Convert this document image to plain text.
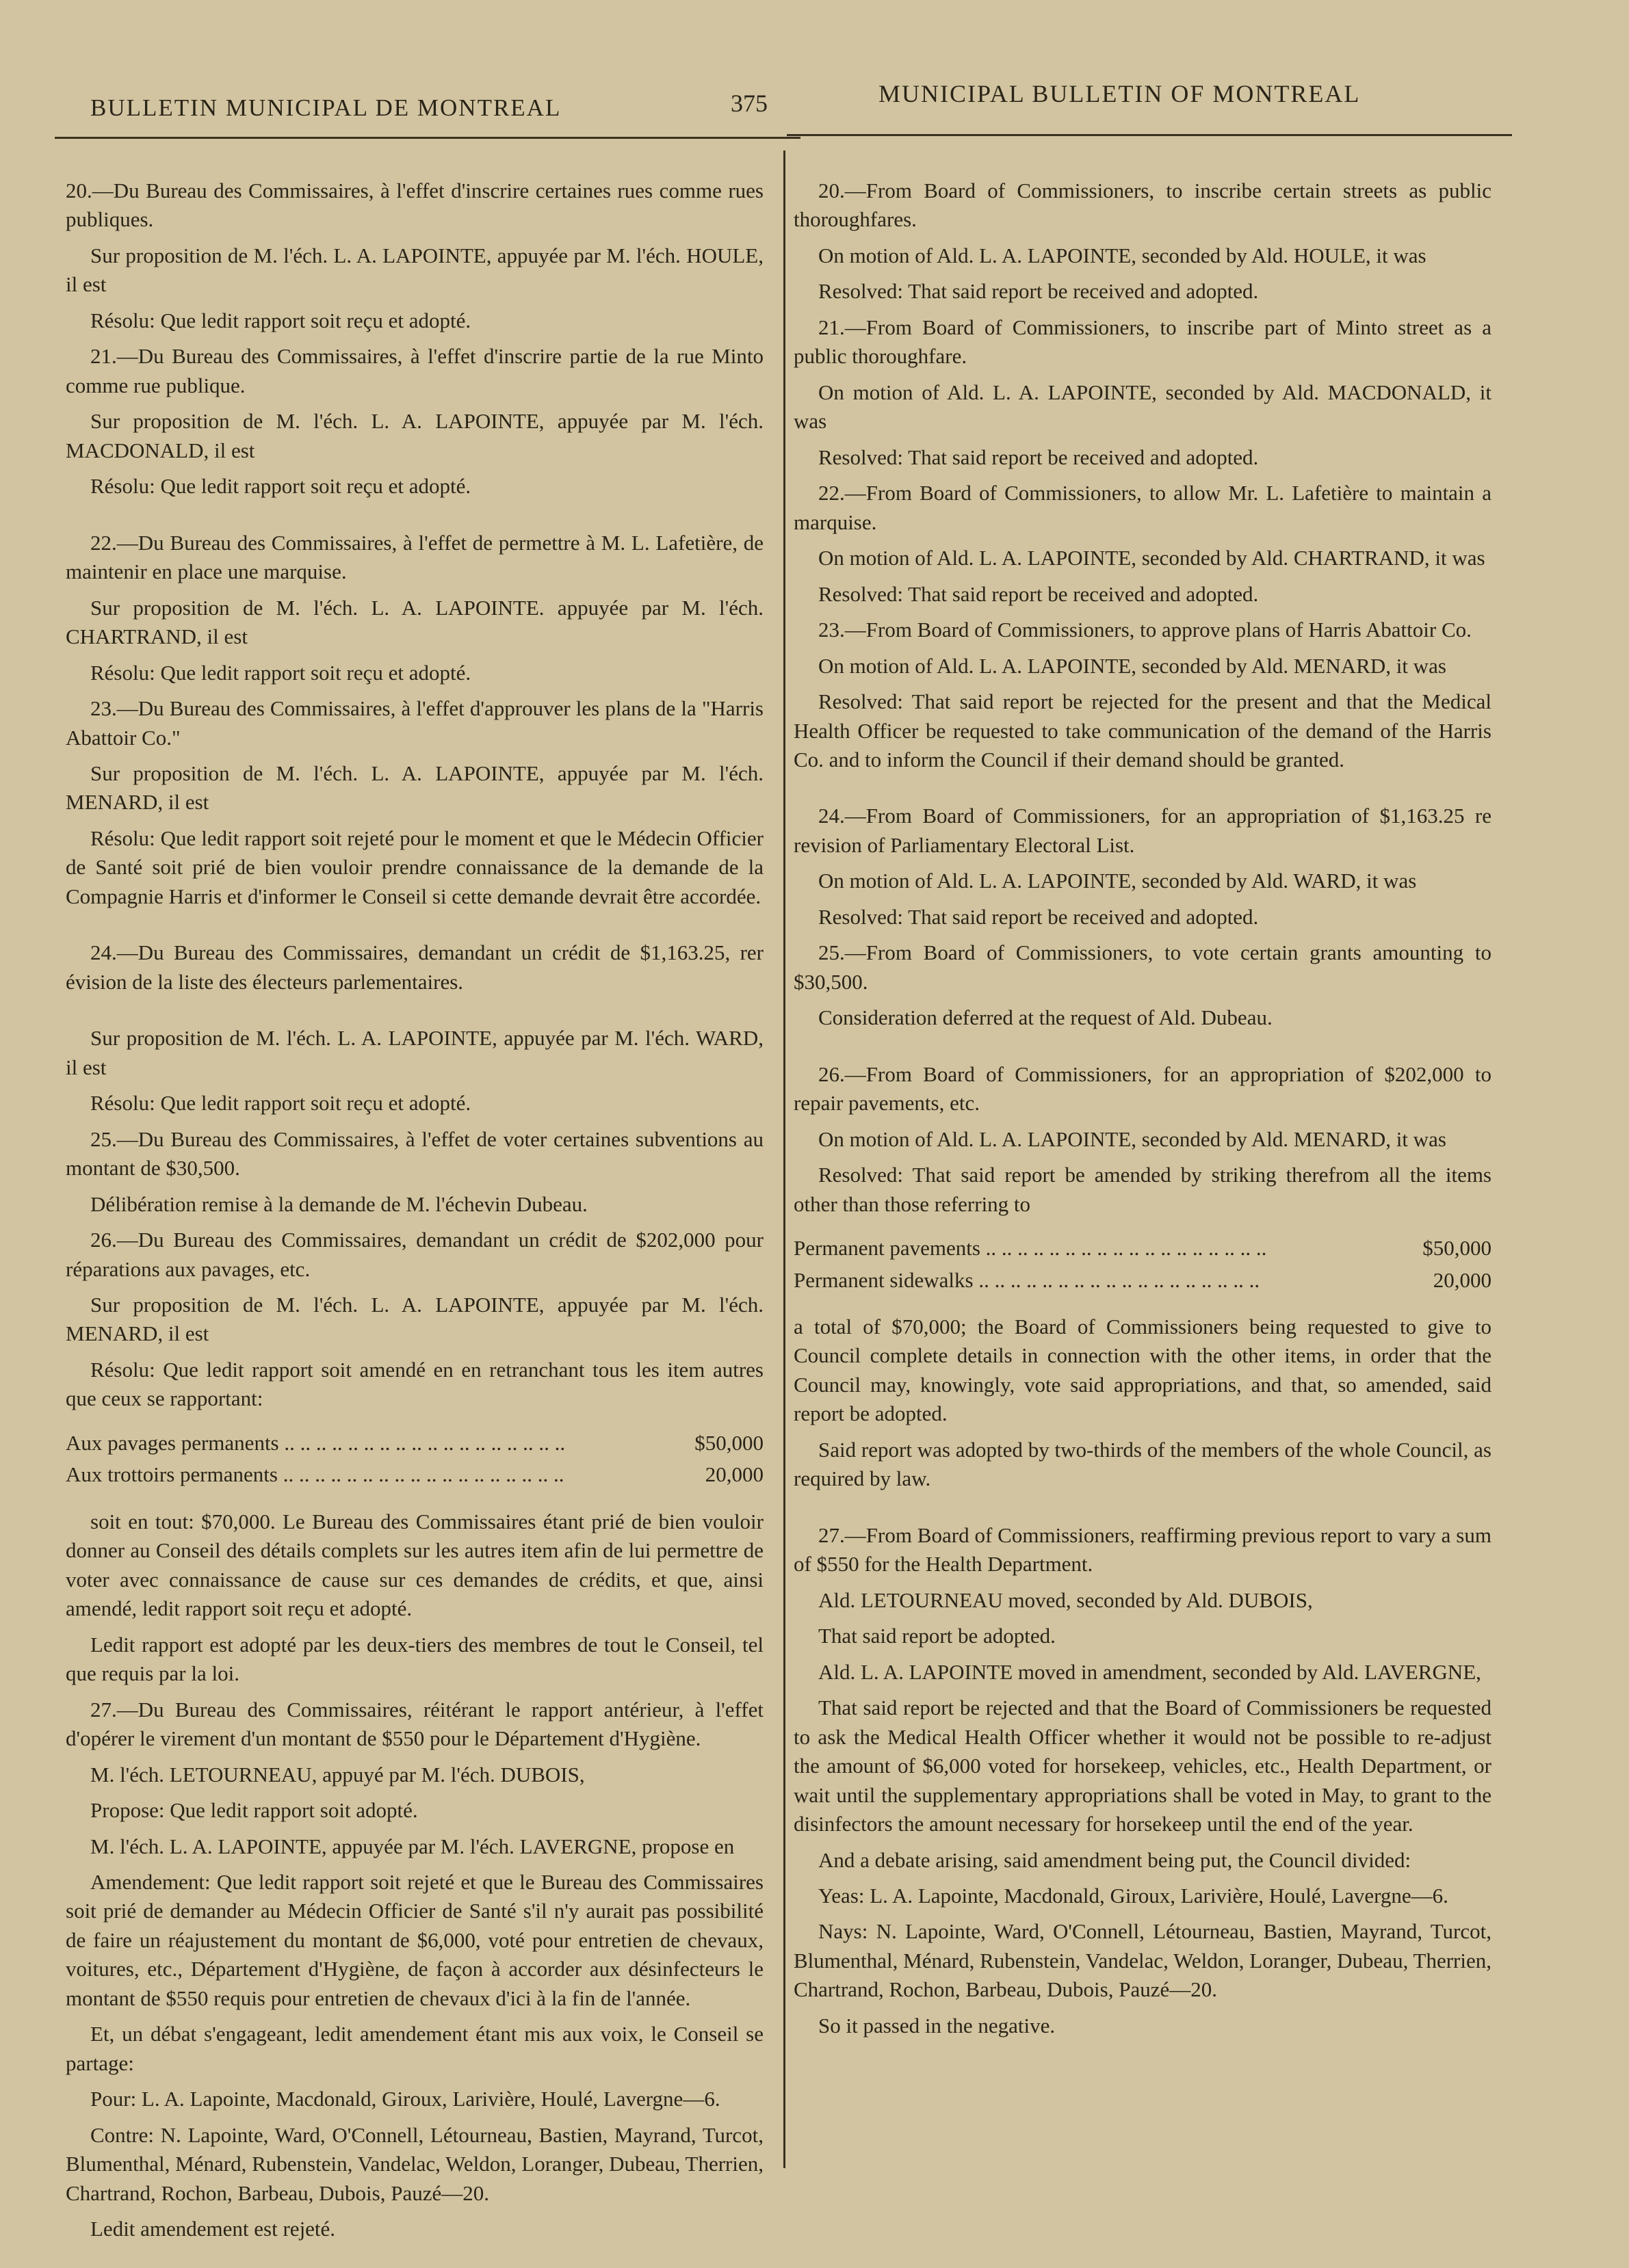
BULLETIN MUNICIPAL DE MONTREAL	375	MUNICIPAL BULLETIN OF MONTREAL

20.—Du Bureau des Commissaires, à l'effet d'inscrire certaines rues comme rues publiques.

Sur proposition de M. l'éch. L. A. LAPOINTE, appuyée par M. l'éch. HOULE, il est

Résolu: Que ledit rapport soit reçu et adopté.

21.—Du Bureau des Commissaires, à l'effet d'inscrire partie de la rue Minto comme rue publique.

Sur proposition de M. l'éch. L. A. LAPOINTE, appuyée par M. l'éch. MACDONALD, il est

Résolu: Que ledit rapport soit reçu et adopté.

22.—Du Bureau des Commissaires, à l'effet de permettre à M. L. Lafetière, de maintenir en place une marquise.

Sur proposition de M. l'éch. L. A. LAPOINTE. appuyée par M. l'éch. CHARTRAND, il est

Résolu: Que ledit rapport soit reçu et adopté.

23.—Du Bureau des Commissaires, à l'effet d'approuver les plans de la "Harris Abattoir Co."

Sur proposition de M. l'éch. L. A. LAPOINTE, appuyée par M. l'éch. MENARD, il est

Résolu: Que ledit rapport soit rejeté pour le moment et que le Médecin Officier de Santé soit prié de bien vouloir prendre connaissance de la demande de la Compagnie Harris et d'informer le Conseil si cette demande devrait être accordée.

24.—Du Bureau des Commissaires, demandant un crédit de $1,163.25, rer évision de la liste des électeurs parlementaires.

Sur proposition de M. l'éch. L. A. LAPOINTE, appuyée par M. l'éch. WARD, il est

Résolu: Que ledit rapport soit reçu et adopté.

25.—Du Bureau des Commissaires, à l'effet de voter certaines subventions au montant de $30,500.

Délibération remise à la demande de M. l'échevin Dubeau.

26.—Du Bureau des Commissaires, demandant un crédit de $202,000 pour réparations aux pavages, etc.

Sur proposition de M. l'éch. L. A. LAPOINTE, appuyée par M. l'éch. MENARD, il est

Résolu: Que ledit rapport soit amendé en en retranchant tous les item autres que ceux se rapportant:

Aux pavages permanents .. .. .. .. .. .. .. .. .. .. .. .. .. .. .. .. .. ..	$50,000
Aux trottoirs permanents .. .. .. .. .. .. .. .. .. .. .. .. .. .. .. .. .. ..	20,000

soit en tout: $70,000. Le Bureau des Commissaires étant prié de bien vouloir donner au Conseil des détails complets sur les autres item afin de lui permettre de voter avec connaissance de cause sur ces demandes de crédits, et que, ainsi amendé, ledit rapport soit reçu et adopté.

Ledit rapport est adopté par les deux-tiers des membres de tout le Conseil, tel que requis par la loi.

27.—Du Bureau des Commissaires, réitérant le rapport antérieur, à l'effet d'opérer le virement d'un montant de $550 pour le Département d'Hygiène.

M. l'éch. LETOURNEAU, appuyé par M. l'éch. DUBOIS,

Propose: Que ledit rapport soit adopté.

M. l'éch. L. A. LAPOINTE, appuyée par M. l'éch. LAVERGNE, propose en

Amendement: Que ledit rapport soit rejeté et que le Bureau des Commissaires soit prié de demander au Médecin Officier de Santé s'il n'y aurait pas possibilité de faire un réajustement du montant de $6,000, voté pour entretien de chevaux, voitures, etc., Département d'Hygiène, de façon à accorder aux désinfecteurs le montant de $550 requis pour entretien de chevaux d'ici à la fin de l'année.

Et, un débat s'engageant, ledit amendement étant mis aux voix, le Conseil se partage:

Pour: L. A. Lapointe, Macdonald, Giroux, Larivière, Houlé, Lavergne—6.

Contre: N. Lapointe, Ward, O'Connell, Létourneau, Bastien, Mayrand, Turcot, Blumenthal, Ménard, Rubenstein, Vandelac, Weldon, Loranger, Dubeau, Therrien, Chartrand, Rochon, Barbeau, Dubois, Pauzé—20.

Ledit amendement est rejeté.

20.—From Board of Commissioners, to inscribe certain streets as public thoroughfares.

On motion of Ald. L. A. LAPOINTE, seconded by Ald. HOULE, it was

Resolved: That said report be received and adopted.

21.—From Board of Commissioners, to inscribe part of Minto street as a public thoroughfare.

On motion of Ald. L. A. LAPOINTE, seconded by Ald. MACDONALD, it was

Resolved: That said report be received and adopted.

22.—From Board of Commissioners, to allow Mr. L. Lafetière to maintain a marquise.

On motion of Ald. L. A. LAPOINTE, seconded by Ald. CHARTRAND, it was

Resolved: That said report be received and adopted.

23.—From Board of Commissioners, to approve plans of Harris Abattoir Co.

On motion of Ald. L. A. LAPOINTE, seconded by Ald. MENARD, it was

Resolved: That said report be rejected for the present and that the Medical Health Officer be requested to take communication of the demand of the Harris Co. and to inform the Council if their demand should be granted.

24.—From Board of Commissioners, for an appropriation of $1,163.25 re revision of Parliamentary Electoral List.

On motion of Ald. L. A. LAPOINTE, seconded by Ald. WARD, it was

Resolved: That said report be received and adopted.

25.—From Board of Commissioners, to vote certain grants amounting to $30,500.

Consideration deferred at the request of Ald. Dubeau.

26.—From Board of Commissioners, for an appropriation of $202,000 to repair pavements, etc.

On motion of Ald. L. A. LAPOINTE, seconded by Ald. MENARD, it was

Resolved: That said report be amended by striking therefrom all the items other than those referring to

Permanent pavements .. .. .. .. .. .. .. .. .. .. .. .. .. .. .. .. .. ..	$50,000
Permanent sidewalks .. .. .. .. .. .. .. .. .. .. .. .. .. .. .. .. .. ..	20,000

a total of $70,000; the Board of Commissioners being requested to give to Council complete details in connection with the other items, in order that the Council may, knowingly, vote said appropriations, and that, so amended, said report be adopted.

Said report was adopted by two-thirds of the members of the whole Council, as required by law.

27.—From Board of Commissioners, reaffirming previous report to vary a sum of $550 for the Health Department.

Ald. LETOURNEAU moved, seconded by Ald. DUBOIS,

That said report be adopted.

Ald. L. A. LAPOINTE moved in amendment, seconded by Ald. LAVERGNE,

That said report be rejected and that the Board of Commissioners be requested to ask the Medical Health Officer whether it would not be possible to re-adjust the amount of $6,000 voted for horsekeep, vehicles, etc., Health Department, or wait until the supplementary appropriations shall be voted in May, to grant to the disinfectors the amount necessary for horsekeep until the end of the year.

And a debate arising, said amendment being put, the Council divided:

Yeas: L. A. Lapointe, Macdonald, Giroux, Larivière, Houlé, Lavergne—6.

Nays: N. Lapointe, Ward, O'Connell, Létourneau, Bastien, Mayrand, Turcot, Blumenthal, Ménard, Rubenstein, Vandelac, Weldon, Loranger, Dubeau, Therrien, Chartrand, Rochon, Barbeau, Dubois, Pauzé—20.

So it passed in the negative.
